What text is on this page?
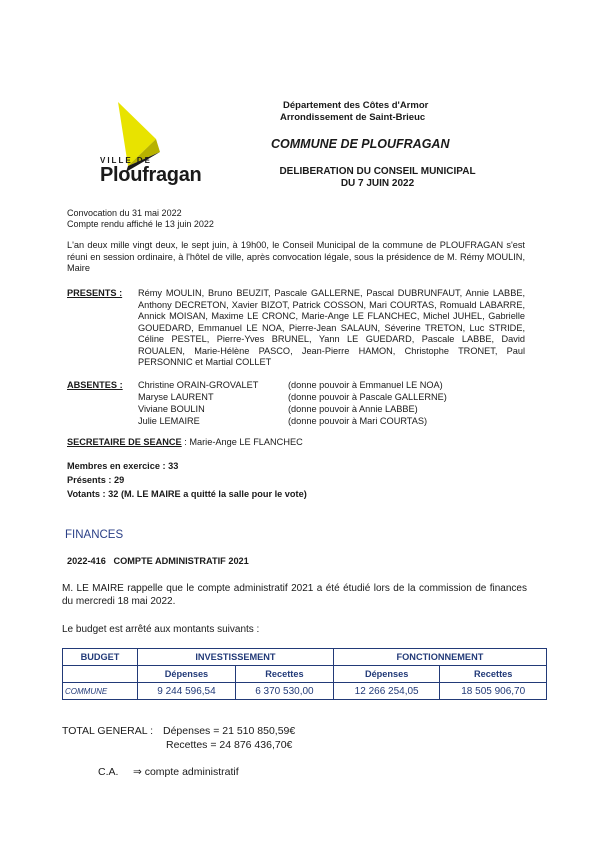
VILLE DE
Ploufragan
Département des Côtes d'Armor
Arrondissement de Saint-Brieuc
COMMUNE DE PLOUFRAGAN
DELIBERATION DU CONSEIL MUNICIPAL
DU 7 JUIN 2022
Convocation du 31 mai 2022
Compte rendu affiché le 13 juin 2022
L'an deux mille vingt deux, le sept juin, à 19h00, le Conseil Municipal de la commune de PLOUFRAGAN s'est réuni en session ordinaire, à l'hôtel de ville, après convocation légale, sous la présidence de M. Rémy MOULIN, Maire
PRESENTS : Rémy MOULIN, Bruno BEUZIT, Pascale GALLERNE, Pascal DUBRUNFAUT, Annie LABBE, Anthony DECRETON, Xavier BIZOT, Patrick COSSON, Mari COURTAS, Romuald LABARRE, Annick MOISAN, Maxime LE CRONC, Marie-Ange LE FLANCHEC, Michel JUHEL, Gabrielle GOUEDARD, Emmanuel LE NOA, Pierre-Jean SALAUN, Séverine TRETON, Luc STRIDE, Céline PESTEL, Pierre-Yves BRUNEL, Yann LE GUEDARD, Pascale LABBE, David ROUALEN, Marie-Hélène PASCO, Jean-Pierre HAMON, Christophe TRONET, Paul PERSONNIC et Martial COLLET
ABSENTES : Christine ORAIN-GROVALET	(donne pouvoir à Emmanuel LE NOA)
Maryse LAURENT	(donne pouvoir à Pascale GALLERNE)
Viviane BOULIN	(donne pouvoir à Annie LABBE)
Julie LEMAIRE	(donne pouvoir à Mari COURTAS)
SECRETAIRE DE SEANCE : Marie-Ange LE FLANCHEC
Membres en exercice : 33
Présents : 29
Votants : 32 (M. LE MAIRE a quitté la salle pour le vote)
FINANCES
2022-416 COMPTE ADMINISTRATIF 2021
M. LE MAIRE rappelle que le compte administratif 2021 a été étudié lors de la commission de finances du mercredi 18 mai 2022.
Le budget est arrêté aux montants suivants :
BUDGET	INVESTISSEMENT		FONCTIONNEMENT	
	Dépenses	Recettes	Dépenses	Recettes
COMMUNE	9 244 596,54	6 370 530,00	12 266 254,05	18 505 906,70
TOTAL GENERAL : Dépenses = 21 510 850,59€
Recettes = 24 876 436,70€
C.A. ⇒ compte administratif
